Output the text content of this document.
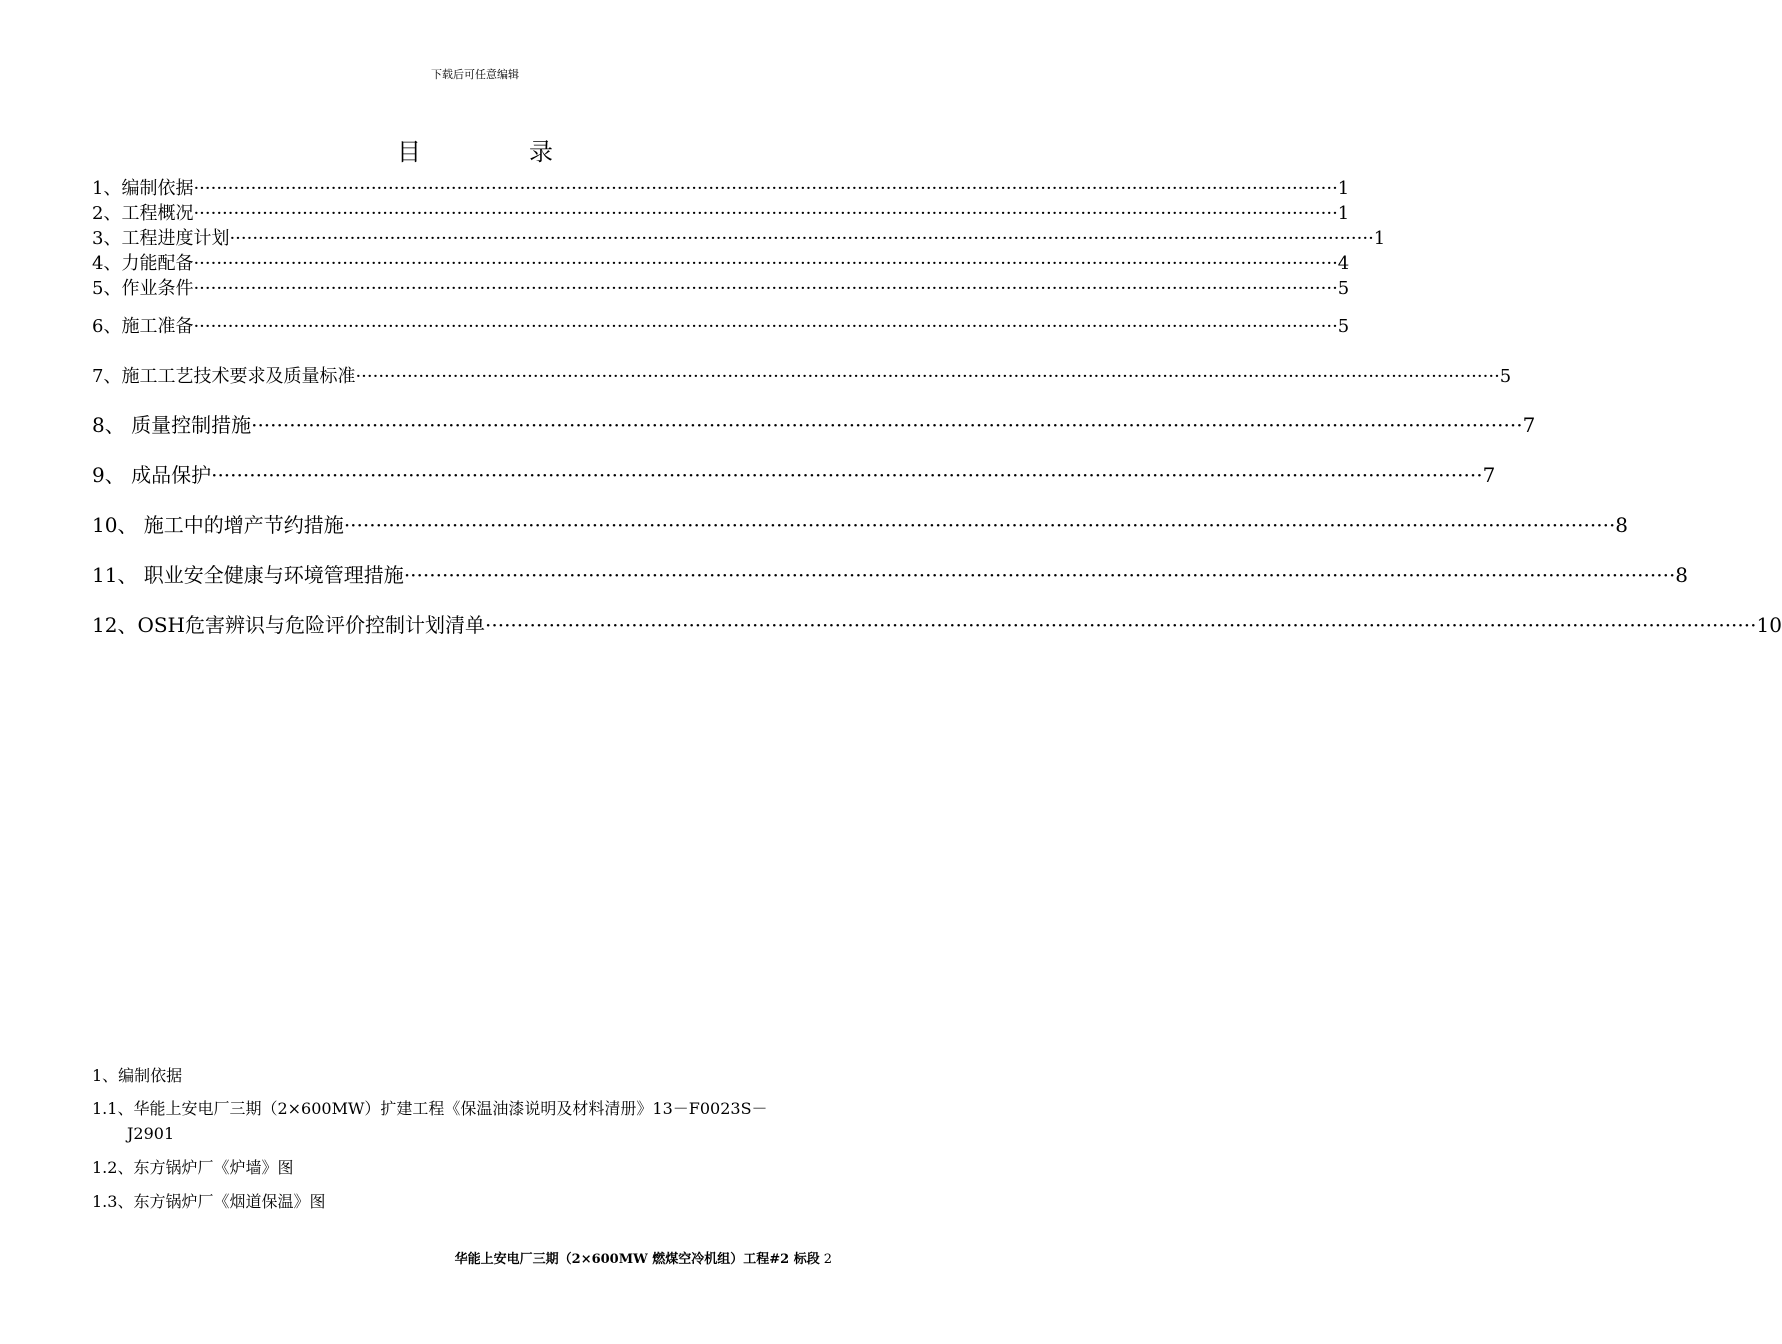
下载后可任意编辑
目	录
1、编制依据 ········································································································································································································ 1
2、工程概况 ········································································································································································································ 1
3、工程进度计划 ········································································································································································································ 1
4、力能配备 ········································································································································································································ 4
5、作业条件 ········································································································································································································ 5
6、施工准备 ········································································································································································································ 5
7、施工工艺技术要求及质量标准 ········································································································································································································ 5
8、 质量控制措施 ········································································································································································································ 7
9、 成品保护 ········································································································································································································ 7
10、 施工中的增产节约措施 ········································································································································································································ 8
11、 职业安全健康与环境管理措施 ········································································································································································································ 8
12、OSH危害辨识与危险评价控制计划清单 ········································································································································································································ 10
1、编制依据
1.1、华能上安电厂三期（2×600MW）扩建工程《保温油漆说明及材料清册》13－F0023S－
J2901
1.2、东方锅炉厂《炉墙》图
1.3、东方锅炉厂《烟道保温》图
华能上安电厂三期（2×600MW 燃煤空冷机组）工程#2 标段 2
